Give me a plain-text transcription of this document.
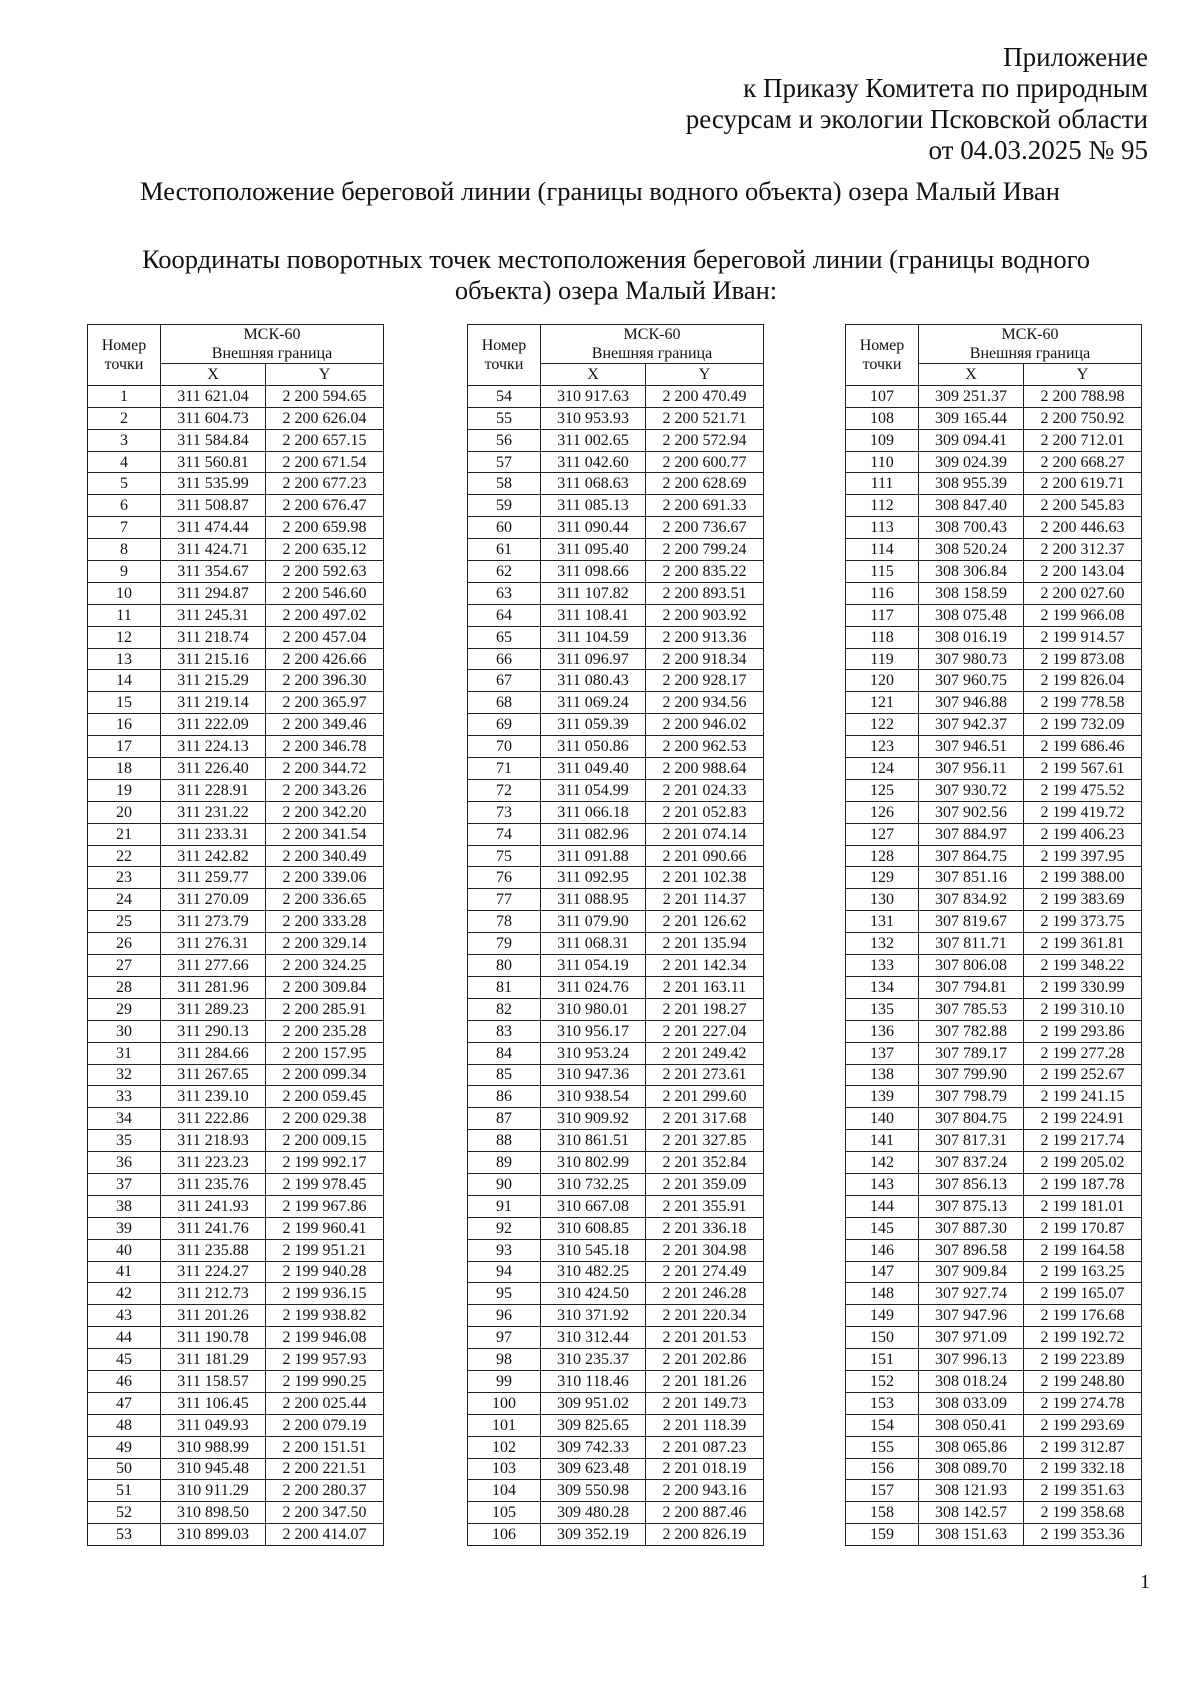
Приложение
к Приказу Комитета по природным
ресурсам и экологии Псковской области
от 04.03.2025 № 95
Местоположение береговой линии (границы водного объекта) озера Малый Иван
Координаты поворотных точек местоположения береговой линии (границы водного
объекта) озера Малый Иван:
Номер
точки	МСК-60
Внешняя граница	
	X	Y
1	311 621.04	2 200 594.65
2	311 604.73	2 200 626.04
3	311 584.84	2 200 657.15
4	311 560.81	2 200 671.54
5	311 535.99	2 200 677.23
6	311 508.87	2 200 676.47
7	311 474.44	2 200 659.98
8	311 424.71	2 200 635.12
9	311 354.67	2 200 592.63
10	311 294.87	2 200 546.60
11	311 245.31	2 200 497.02
12	311 218.74	2 200 457.04
13	311 215.16	2 200 426.66
14	311 215.29	2 200 396.30
15	311 219.14	2 200 365.97
16	311 222.09	2 200 349.46
17	311 224.13	2 200 346.78
18	311 226.40	2 200 344.72
19	311 228.91	2 200 343.26
20	311 231.22	2 200 342.20
21	311 233.31	2 200 341.54
22	311 242.82	2 200 340.49
23	311 259.77	2 200 339.06
24	311 270.09	2 200 336.65
25	311 273.79	2 200 333.28
26	311 276.31	2 200 329.14
27	311 277.66	2 200 324.25
28	311 281.96	2 200 309.84
29	311 289.23	2 200 285.91
30	311 290.13	2 200 235.28
31	311 284.66	2 200 157.95
32	311 267.65	2 200 099.34
33	311 239.10	2 200 059.45
34	311 222.86	2 200 029.38
35	311 218.93	2 200 009.15
36	311 223.23	2 199 992.17
37	311 235.76	2 199 978.45
38	311 241.93	2 199 967.86
39	311 241.76	2 199 960.41
40	311 235.88	2 199 951.21
41	311 224.27	2 199 940.28
42	311 212.73	2 199 936.15
43	311 201.26	2 199 938.82
44	311 190.78	2 199 946.08
45	311 181.29	2 199 957.93
46	311 158.57	2 199 990.25
47	311 106.45	2 200 025.44
48	311 049.93	2 200 079.19
49	310 988.99	2 200 151.51
50	310 945.48	2 200 221.51
51	310 911.29	2 200 280.37
52	310 898.50	2 200 347.50
53	310 899.03	2 200 414.07
Номер
точки	МСК-60
Внешняя граница	
	X	Y
54	310 917.63	2 200 470.49
55	310 953.93	2 200 521.71
56	311 002.65	2 200 572.94
57	311 042.60	2 200 600.77
58	311 068.63	2 200 628.69
59	311 085.13	2 200 691.33
60	311 090.44	2 200 736.67
61	311 095.40	2 200 799.24
62	311 098.66	2 200 835.22
63	311 107.82	2 200 893.51
64	311 108.41	2 200 903.92
65	311 104.59	2 200 913.36
66	311 096.97	2 200 918.34
67	311 080.43	2 200 928.17
68	311 069.24	2 200 934.56
69	311 059.39	2 200 946.02
70	311 050.86	2 200 962.53
71	311 049.40	2 200 988.64
72	311 054.99	2 201 024.33
73	311 066.18	2 201 052.83
74	311 082.96	2 201 074.14
75	311 091.88	2 201 090.66
76	311 092.95	2 201 102.38
77	311 088.95	2 201 114.37
78	311 079.90	2 201 126.62
79	311 068.31	2 201 135.94
80	311 054.19	2 201 142.34
81	311 024.76	2 201 163.11
82	310 980.01	2 201 198.27
83	310 956.17	2 201 227.04
84	310 953.24	2 201 249.42
85	310 947.36	2 201 273.61
86	310 938.54	2 201 299.60
87	310 909.92	2 201 317.68
88	310 861.51	2 201 327.85
89	310 802.99	2 201 352.84
90	310 732.25	2 201 359.09
91	310 667.08	2 201 355.91
92	310 608.85	2 201 336.18
93	310 545.18	2 201 304.98
94	310 482.25	2 201 274.49
95	310 424.50	2 201 246.28
96	310 371.92	2 201 220.34
97	310 312.44	2 201 201.53
98	310 235.37	2 201 202.86
99	310 118.46	2 201 181.26
100	309 951.02	2 201 149.73
101	309 825.65	2 201 118.39
102	309 742.33	2 201 087.23
103	309 623.48	2 201 018.19
104	309 550.98	2 200 943.16
105	309 480.28	2 200 887.46
106	309 352.19	2 200 826.19
Номер
точки	МСК-60
Внешняя граница	
	X	Y
107	309 251.37	2 200 788.98
108	309 165.44	2 200 750.92
109	309 094.41	2 200 712.01
110	309 024.39	2 200 668.27
111	308 955.39	2 200 619.71
112	308 847.40	2 200 545.83
113	308 700.43	2 200 446.63
114	308 520.24	2 200 312.37
115	308 306.84	2 200 143.04
116	308 158.59	2 200 027.60
117	308 075.48	2 199 966.08
118	308 016.19	2 199 914.57
119	307 980.73	2 199 873.08
120	307 960.75	2 199 826.04
121	307 946.88	2 199 778.58
122	307 942.37	2 199 732.09
123	307 946.51	2 199 686.46
124	307 956.11	2 199 567.61
125	307 930.72	2 199 475.52
126	307 902.56	2 199 419.72
127	307 884.97	2 199 406.23
128	307 864.75	2 199 397.95
129	307 851.16	2 199 388.00
130	307 834.92	2 199 383.69
131	307 819.67	2 199 373.75
132	307 811.71	2 199 361.81
133	307 806.08	2 199 348.22
134	307 794.81	2 199 330.99
135	307 785.53	2 199 310.10
136	307 782.88	2 199 293.86
137	307 789.17	2 199 277.28
138	307 799.90	2 199 252.67
139	307 798.79	2 199 241.15
140	307 804.75	2 199 224.91
141	307 817.31	2 199 217.74
142	307 837.24	2 199 205.02
143	307 856.13	2 199 187.78
144	307 875.13	2 199 181.01
145	307 887.30	2 199 170.87
146	307 896.58	2 199 164.58
147	307 909.84	2 199 163.25
148	307 927.74	2 199 165.07
149	307 947.96	2 199 176.68
150	307 971.09	2 199 192.72
151	307 996.13	2 199 223.89
152	308 018.24	2 199 248.80
153	308 033.09	2 199 274.78
154	308 050.41	2 199 293.69
155	308 065.86	2 199 312.87
156	308 089.70	2 199 332.18
157	308 121.93	2 199 351.63
158	308 142.57	2 199 358.68
159	308 151.63	2 199 353.36
1
